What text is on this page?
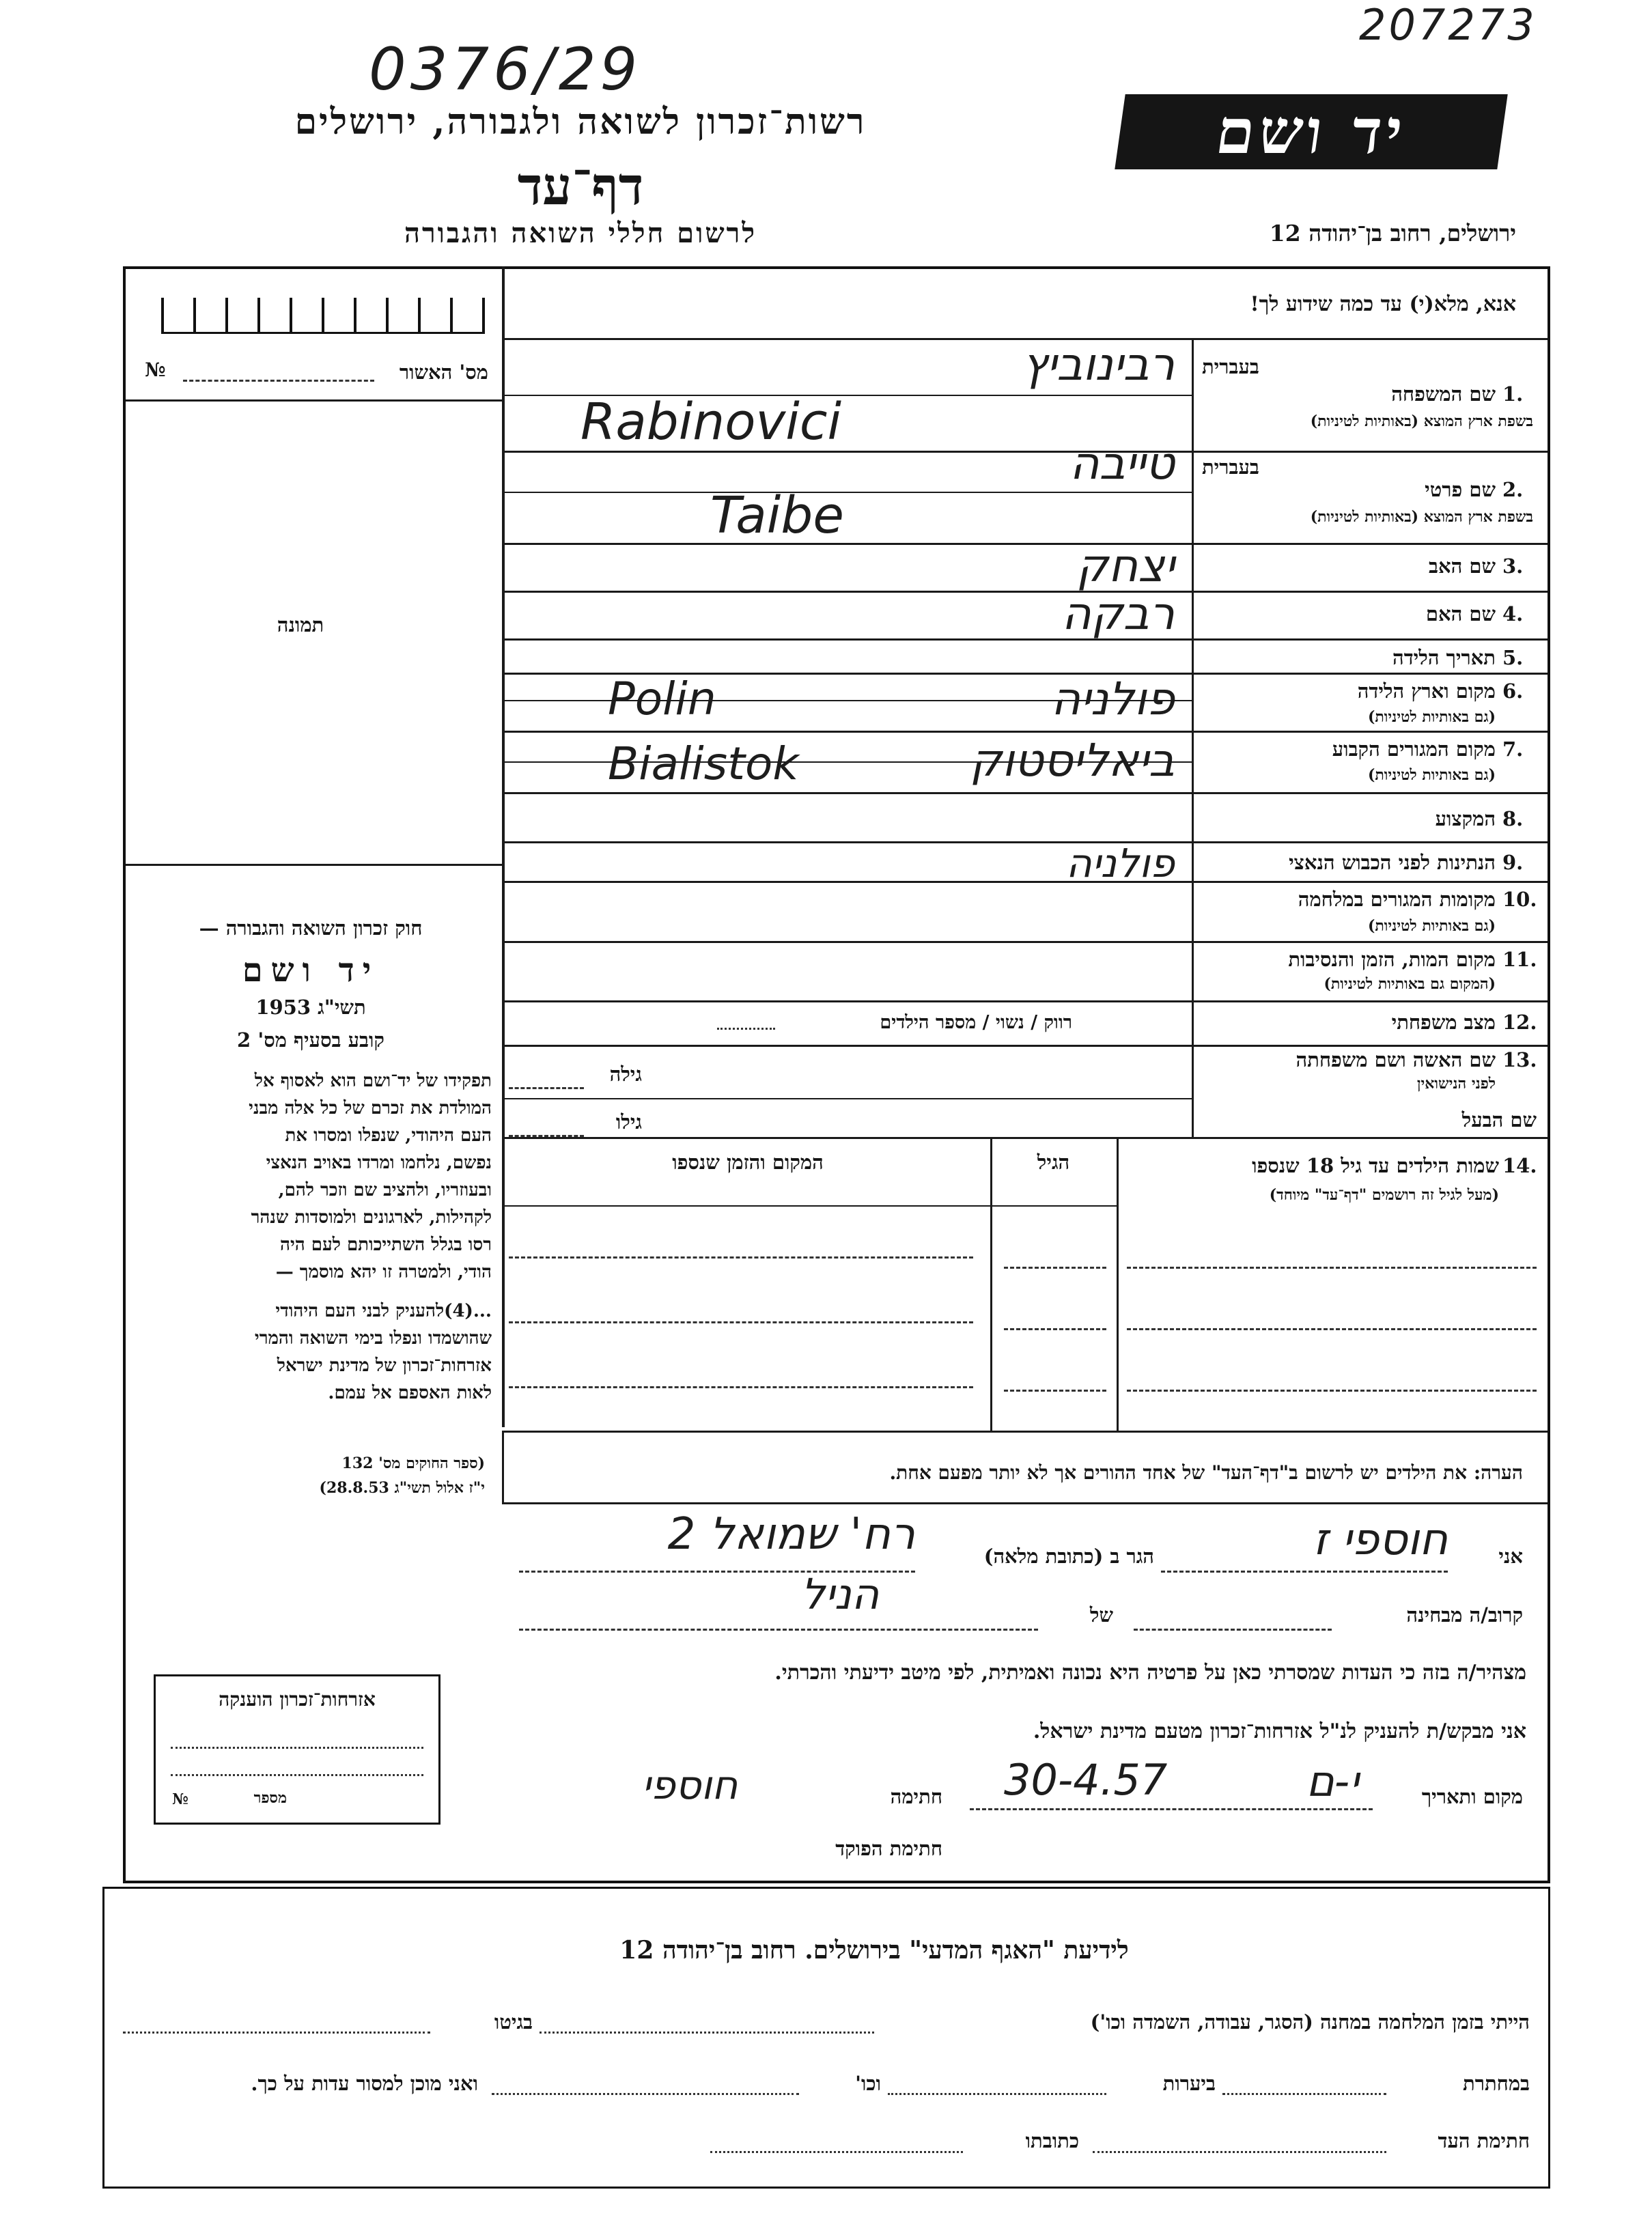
0376/29
207273
רשות־זכרון לשואה ולגבורה, ירושלים
דף־עד
לרשום חללי השואה והגבורה
יד ושם
ירושלים, רחוב בן־יהודה 12
№	מס' האשור
תמונה
חוק זכרון השואה והגבורה —
יד ושם
תשי"ג 1953
קובע בסעיף מס' 2
תפקידו של יד־ושם הוא לאסוף אל
המולדת את זכרם של כל אלה מבני
העם היהודי, שנפלו ומסרו את
נפשם, נלחמו ומרדו באויב הנאצי
ובעוזריו, ולהציב שם וזכר להם,
לקהילות, לארגונים ולמוסדות שנהר
רסו בגלל השתייכותם לעם היה
הודי, ולמטרה זו יהא מוסמך —
...(4)להעניק לבני העם היהודי
שהושמדו ונפלו בימי השואה והמרי
אזרחות־זכרון של מדינת ישראל
לאות האספם אל עמם.
(ספר החוקים מס' 132
י"ז אלול תשי"ג 28.8.53)
אזרחות־זכרון הוענקה
מספר
№
אנא, מלא(י) עד כמה שידוע לך!
בעברית
1.
שם המשפחה
בשפת ארץ המוצא (באותיות לטיניות)
רבינוביץ
Rabinovici
בעברית
2.
שם פרטי
בשפת ארץ המוצא (באותיות לטיניות)
טייבה
Taibe
3.
שם האב
יצחק
4.
שם האם
רבקה
5.
תאריך הלידה
6.
מקום וארץ הלידה
(גם באותיות לטיניות)
פולניה
Polin
7.
מקום המגורים הקבוע
(גם באותיות לטיניות)
ביאליסטוק
Bialistok
8.
המקצוע
9.
הנתינות לפני הכבוש הנאצי
פולניה
10.
מקומות המגורים במלחמה
(גם באותיות לטיניות)
11.
מקום המות, הזמן והנסיבות
(המקום גם באותיות לטיניות)
12.
מצב משפחתי
רווק / נשוי / מספר הילדים
13.
שם האשה ושם משפחתה
לפני הנישואין
גילה
שם הבעל
גילו
14.
שמות הילדים עד גיל 18 שנספו
(מעל לגיל זה רושמים "דף־עד" מיוחד)
הגיל
המקום והזמן שנספו
הערה: את הילדים יש לרשום ב"דף־העד" של אחד ההורים אך לא יותר מפעם אחת.
אני
חוספי ז
הגר ב (כתובת מלאה)
רח' שמואל 2
קרוב/ה מבחינה
של
הניל
מצהיר/ה בזה כי העדות שמסרתי כאן על פרטיה היא נכונה ואמיתית, לפי מיטב ידיעתי והכרתי.
אני מבקש/ת להעניק לנ"ל אזרחות־זכרון מטעם מדינת ישראל.
מקום ותאריך
י-ם
30-4.57
חתימה
חוספי
חתימת הפוקד
לידיעת "האגף המדעי" בירושלים. רחוב בן־יהודה 12
הייתי בזמן המלחמה במחנה (הסגר, עבודה, השמדה וכו')
בגיטו
במחתרת
ביערות
וכו'
ואני מוכן למסור עדות על כך.
חתימת העד
כתובתו
